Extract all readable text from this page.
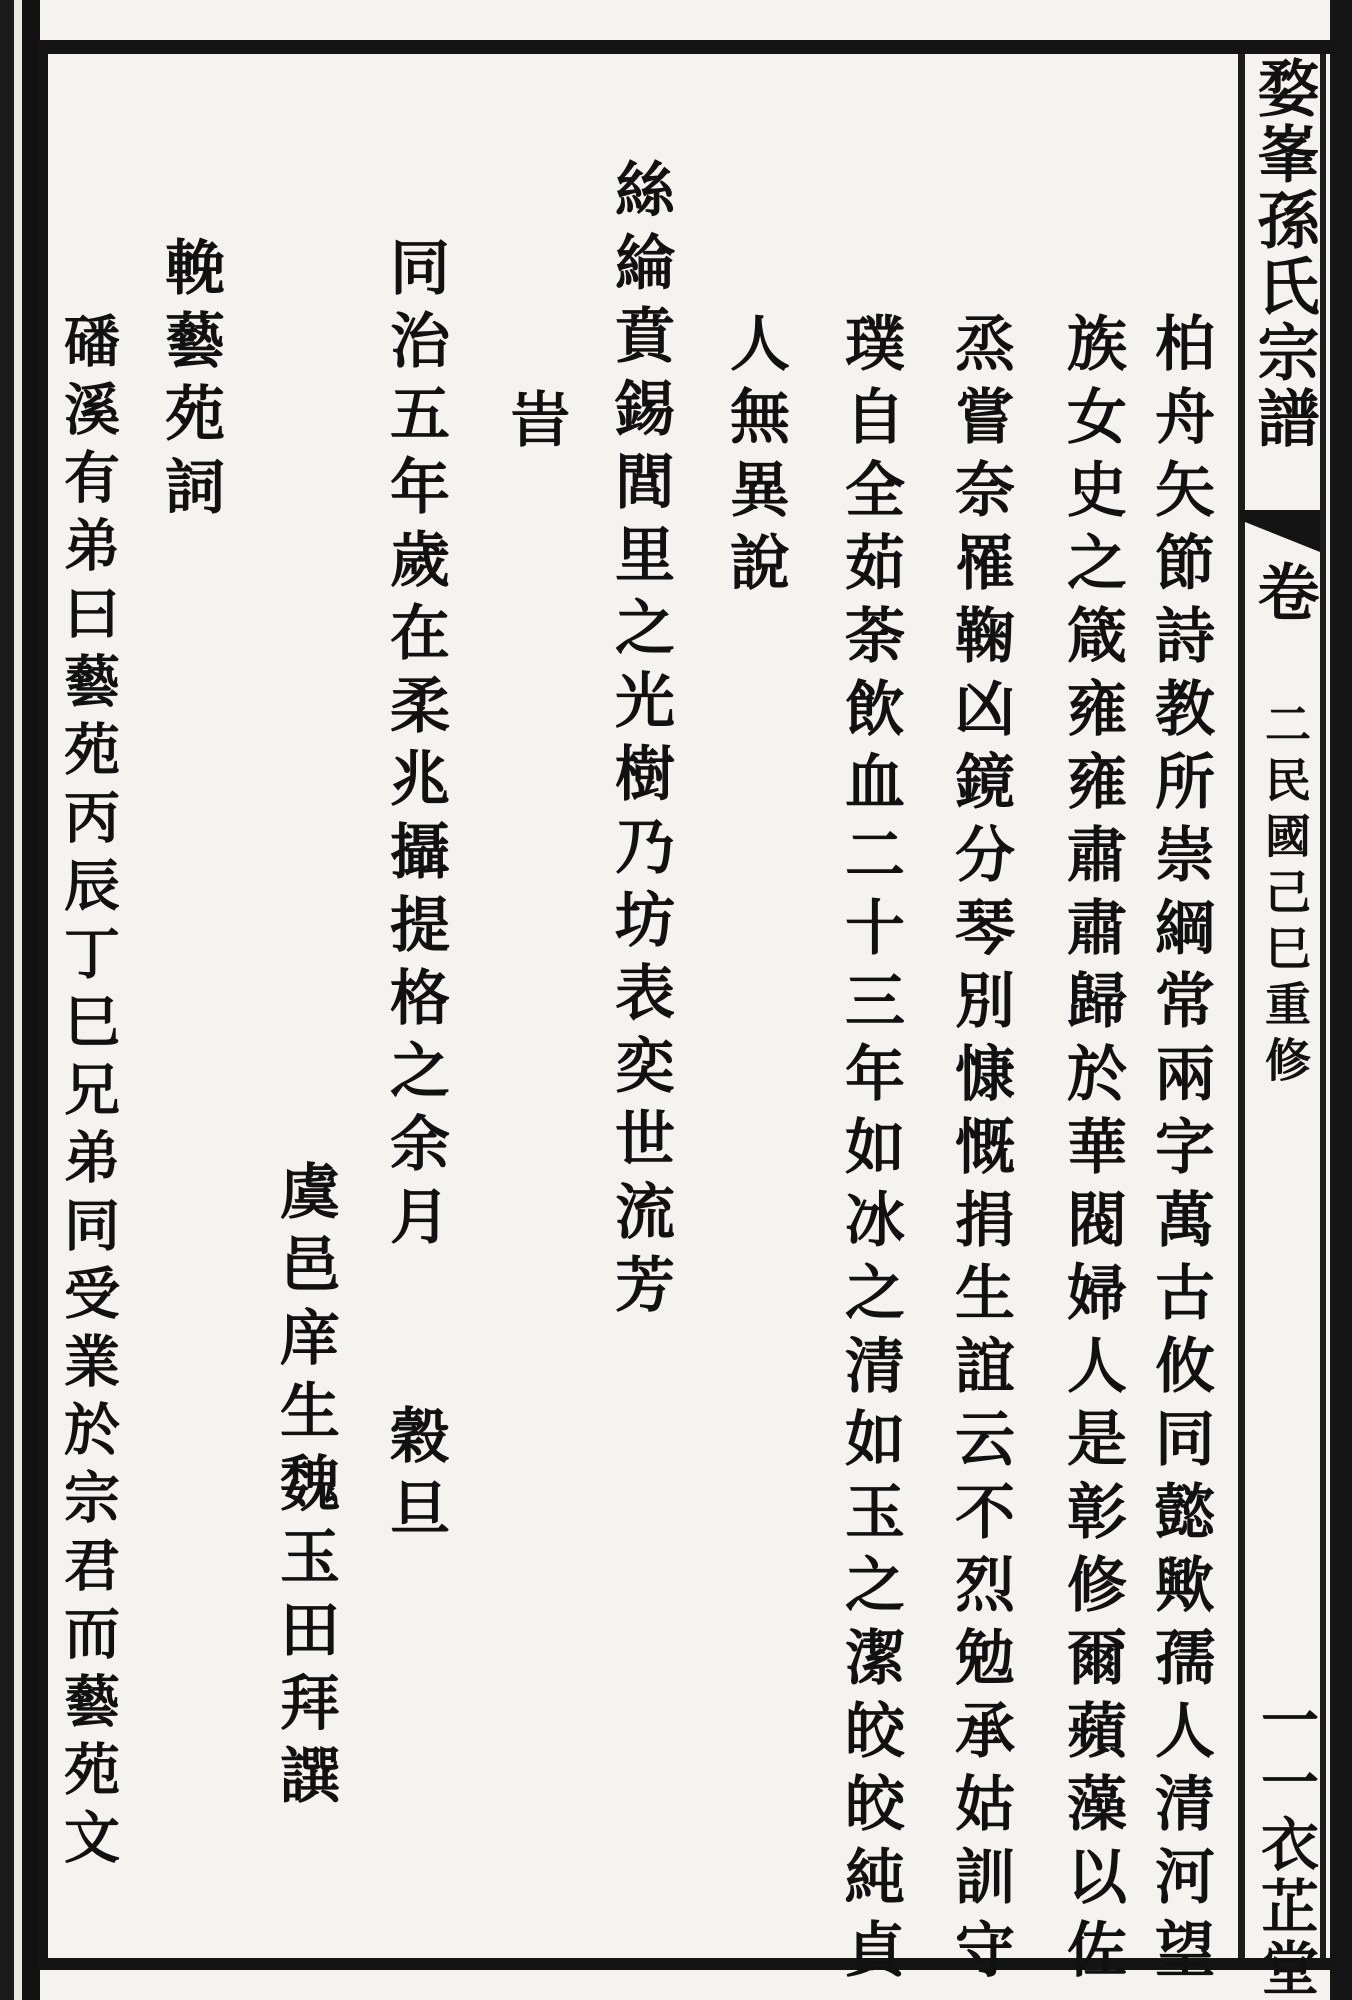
婺峯孫氏宗譜
卷
二民國己巳重修
一一衣芷堂
柏舟矢節詩教所崇綱常兩字萬古攸同懿歟孺人清河望
族女史之箴雍雍肅肅歸於華閥婦人是彰修爾蘋藻以佐
烝嘗奈罹鞠凶鏡分琴別慷慨捐生誼云不烈勉承姑訓守
璞自全茹荼飲血二十三年如冰之清如玉之潔皎皎純貞
人無異說
絲綸賁錫閭里之光樹乃坊表奕世流芳
旹
同治五年歲在柔兆攝提格之余月　　穀旦
虞邑庠生魏玉田拜譔
輓藝苑詞
磻溪有弟曰藝苑丙辰丁巳兄弟同受業於宗君而藝苑文
